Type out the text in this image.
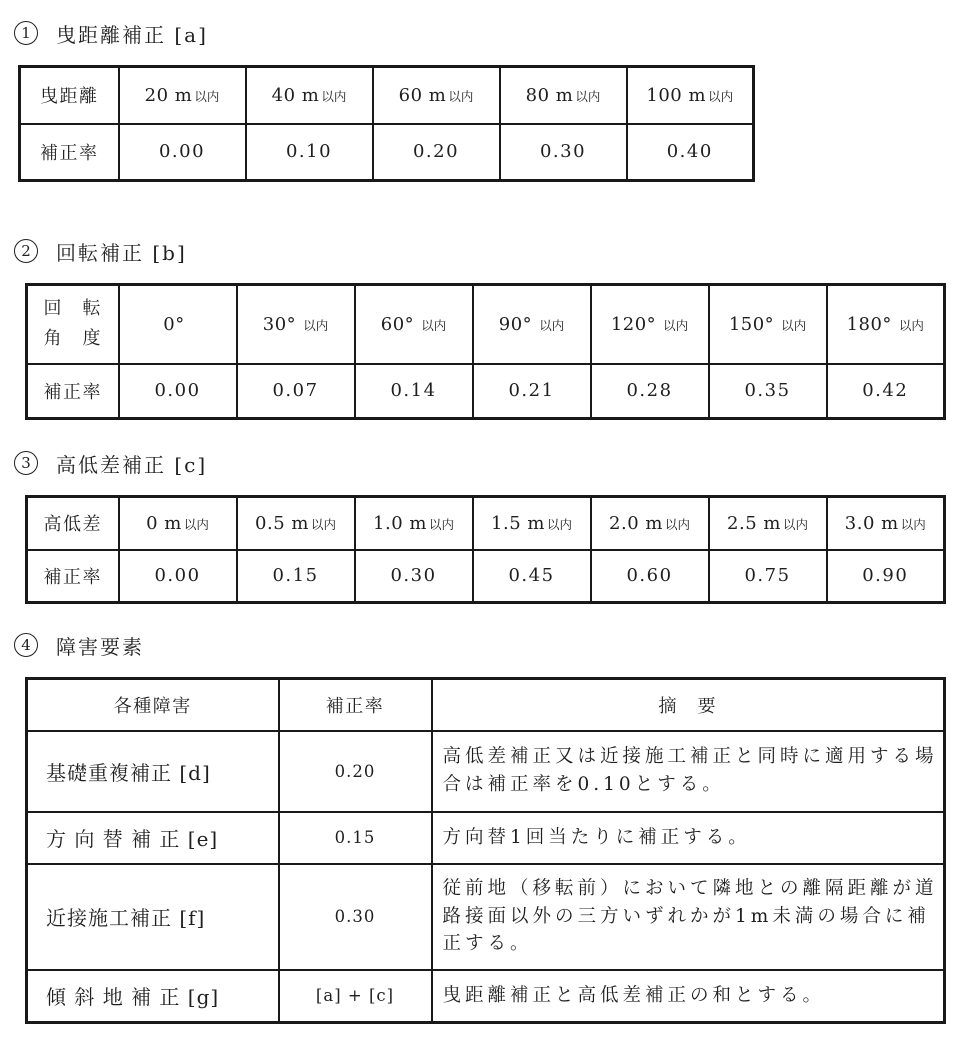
1 曳距離補正 [a]
曳距離	20 m 以内	40 m 以内	60 m 以内	80 m 以内	100 m 以内
補正率	0.00	0.10	0.20	0.30	0.40
2 回転補正 [b]
回　転
角　度	0°	30° 以内	60° 以内	90° 以内	120° 以内	150° 以内	180° 以内
補正率	0.00	0.07	0.14	0.21	0.28	0.35	0.42
3 高低差補正 [c]
高低差	0 m 以内	0.5 m 以内	1.0 m 以内	1.5 m 以内	2.0 m 以内	2.5 m 以内	3.0 m 以内
補正率	0.00	0.15	0.30	0.45	0.60	0.75	0.90
4 障害要素
各種障害	補正率	摘　要
基礎重複補正 [d]	0.20	高低差補正又は近接施工補正と同時に適用する場合は補正率を0.10とする。
方 向 替 補 正 [e]	0.15	方向替1回当たりに補正する。
近接施工補正 [f]	0.30	従前地（移転前）において隣地との離隔距離が道路接面以外の三方いずれかが1m未満の場合に補正する。
傾 斜 地 補 正 [g]	[a] + [c]	曳距離補正と高低差補正の和とする。
